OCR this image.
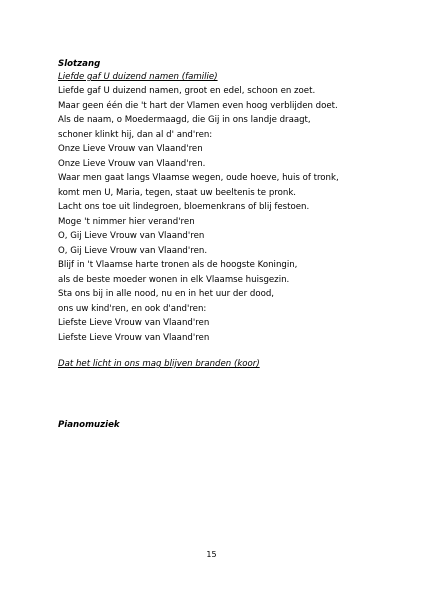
Slotzang
Liefde gaf U duizend namen (familie)
Liefde gaf U duizend namen, groot en edel, schoon en zoet.
Maar geen één die 't hart der Vlamen even hoog verblijden doet.
Als de naam, o Moedermaagd, die Gij in ons landje draagt,
schoner klinkt hij, dan al d' and'ren:
Onze Lieve Vrouw van Vlaand'ren
Onze Lieve Vrouw van Vlaand'ren.
Waar men gaat langs Vlaamse wegen, oude hoeve, huis of tronk,
komt men U, Maria, tegen, staat uw beeltenis te pronk.
Lacht ons toe uit lindegroen, bloemenkrans of blij festoen.
Moge 't nimmer hier verand'ren
O, Gij Lieve Vrouw van Vlaand'ren
O, Gij Lieve Vrouw van Vlaand'ren.
Blijf in 't Vlaamse harte tronen als de hoogste Koningin,
als de beste moeder wonen in elk Vlaamse huisgezin.
Sta ons bij in alle nood, nu en in het uur der dood,
ons uw kind'ren, en ook d'and'ren:
Liefste Lieve Vrouw van Vlaand'ren
Liefste Lieve Vrouw van Vlaand'ren
Dat het licht in ons mag blijven branden (koor)
Pianomuziek
15
